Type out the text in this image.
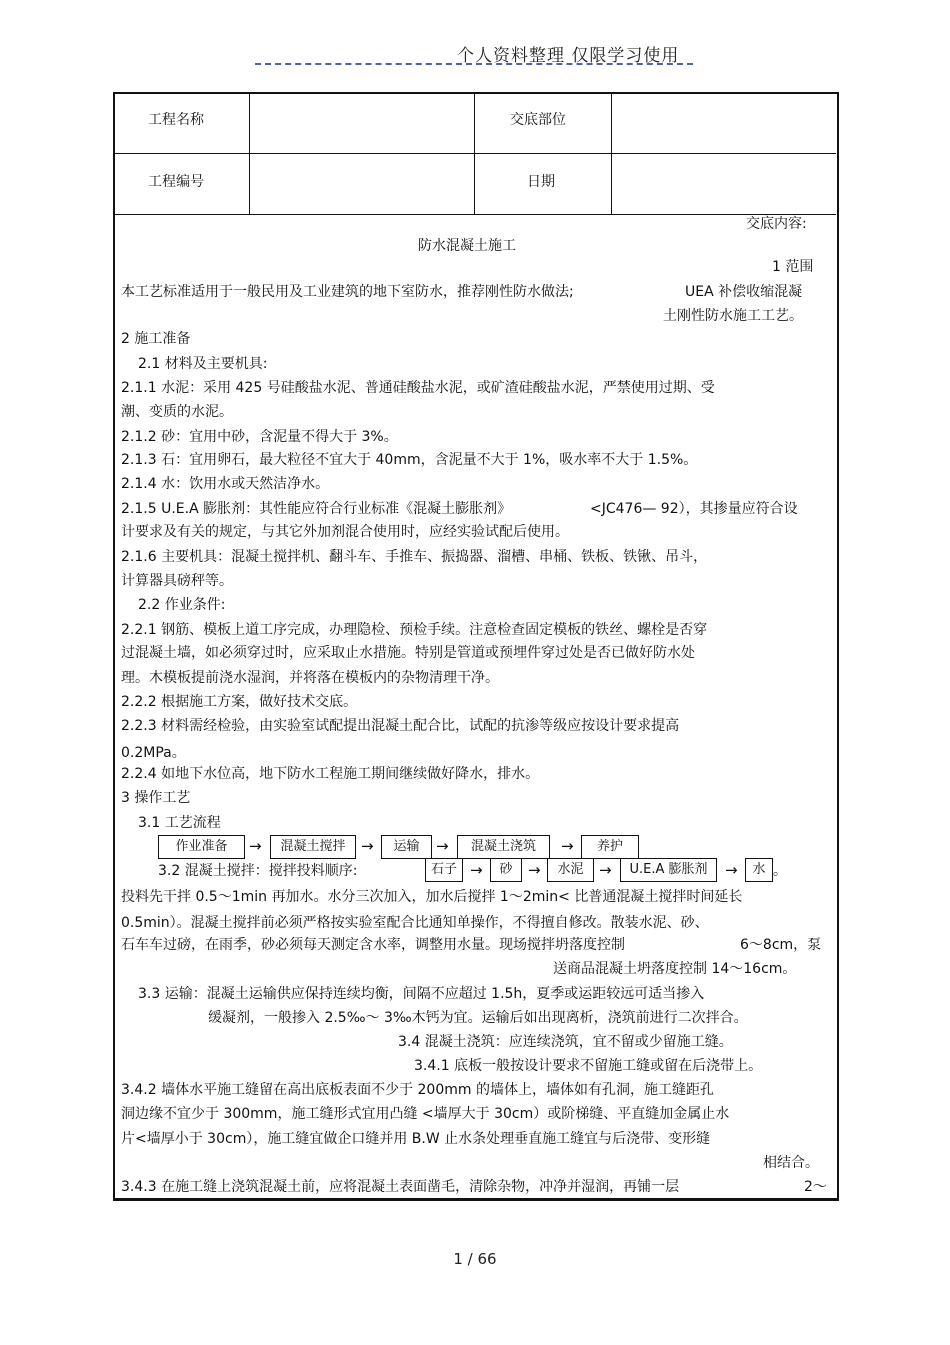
个人资料整理 仅限学习使用
工程名称	交底部位
工程编号	日期
交底内容:
防水混凝土施工
1 范围
本工艺标准适用于一般民用及工业建筑的地下室防水，推荐刚性防水做法;	UEA 补偿收缩混凝
土刚性防水施工工艺。
2 施工准备
2.1 材料及主要机具:
2.1.1 水泥：采用 425 号硅酸盐水泥、普通硅酸盐水泥，或矿渣硅酸盐水泥，严禁使用过期、受
潮、变质的水泥。
2.1.2 砂：宜用中砂，含泥量不得大于 3%。
2.1.3 石：宜用卵石，最大粒径不宜大于 40mm，含泥量不大于 1%，吸水率不大于 1.5%。
2.1.4 水：饮用水或天然洁净水。
2.1.5 U.E.A 膨胀剂：其性能应符合行业标准《混凝土膨胀剂》	<JC476— 92），其掺量应符合设
计要求及有关的规定，与其它外加剂混合使用时，应经实验试配后使用。
2.1.6 主要机具：混凝土搅拌机、翻斗车、手推车、振捣器、溜槽、串桶、铁板、铁锹、吊斗，
计算器具磅秤等。
2.2 作业条件:
2.2.1 钢筋、模板上道工序完成，办理隐检、预检手续。注意检查固定模板的铁丝、螺栓是否穿
过混凝土墙，如必须穿过时，应采取止水措施。特别是管道或预埋件穿过处是否已做好防水处
理。木模板提前浇水湿润，并将落在模板内的杂物清理干净。
2.2.2 根据施工方案，做好技术交底。
2.2.3 材料需经检验，由实验室试配提出混凝土配合比，试配的抗渗等级应按设计要求提高
0.2MPa。
2.2.4 如地下水位高，地下防水工程施工期间继续做好降水，排水。
3 操作工艺
3.1 工艺流程
作业准备	→	混凝土搅拌	→	运输	→	混凝土浇筑	→	养护
3.2 混凝土搅拌：搅拌投料顺序:	石子 →	砂	→	水泥	→	U.E.A 膨胀剂	→	水 。
投料先干拌 0.5～1min 再加水。水分三次加入，加水后搅拌 1～2min< 比普通混凝土搅拌时间延长
0.5min）。混凝土搅拌前必须严格按实验室配合比通知单操作，不得擅自修改。散装水泥、砂、
石车车过磅，在雨季，砂必须每天测定含水率，调整用水量。现场搅拌坍落度控制	6～8cm，泵
送商品混凝土坍落度控制 14～16cm。
3.3 运输：混凝土运输供应保持连续均衡，间隔不应超过 1.5h，夏季或运距较远可适当掺入
缓凝剂，一般掺入 2.5‰～ 3‰木钙为宜。运输后如出现离析，浇筑前进行二次拌合。
3.4 混凝土浇筑：应连续浇筑，宜不留或少留施工缝。
3.4.1 底板一般按设计要求不留施工缝或留在后浇带上。
3.4.2 墙体水平施工缝留在高出底板表面不少于 200mm 的墙体上，墙体如有孔洞，施工缝距孔
洞边缘不宜少于 300mm，施工缝形式宜用凸缝 <墙厚大于 30cm）或阶梯缝、平直缝加金属止水
片<墙厚小于 30cm），施工缝宜做企口缝并用 B.W 止水条处理垂直施工缝宜与后浇带、变形缝
相结合。
3.4.3 在施工缝上浇筑混凝土前，应将混凝土表面凿毛，清除杂物，冲净并湿润，再铺一层	2～
1 / 66
